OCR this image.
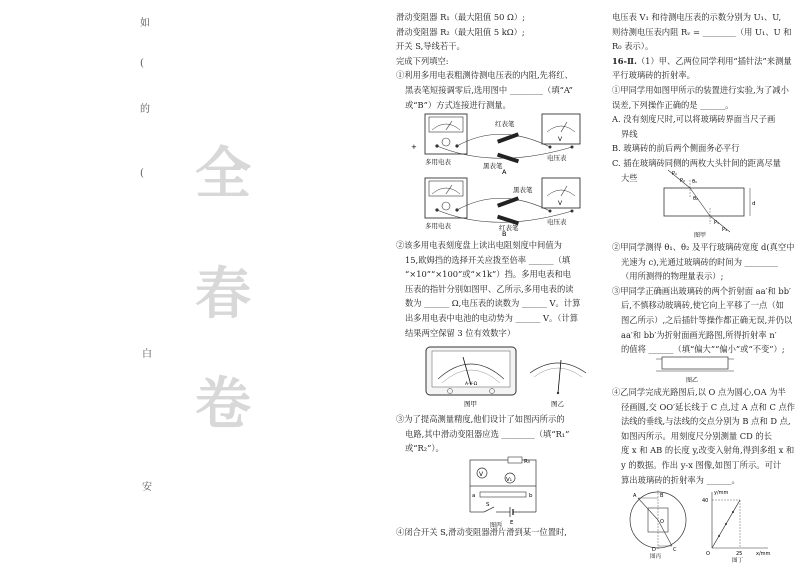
如
(
的
(
白
安
全
春
卷

滑动变阻器 R₁（最大阻值 50 Ω）;

滑动变阻器 R₂（最大阻值 5 kΩ）;

开关 S,导线若干。

完成下列填空:

①利用多用电表粗测待测电压表的内阻,先将红、

黑表笔短接调零后,选用图中 ________（填“A”

或“B”）方式连接进行测量。

+
V
红表笔
黑表笔
多用电表	电压表
A
V
黑表笔
红表笔
多用电表	电压表
B

②该多用电表刻度盘上读出电阻刻度中间值为

15,欧姆挡的选择开关应拨至倍率 ______（填

“×10”“×100”或“×1k”）挡。多用电表和电

压表的指针分别如图甲、乙所示,多用电表的读

数为 ______ Ω,电压表的读数为 ______ V。计算

出多用电表中电池的电动势为 ______ V。（计算

结果两空保留 3 位有效数字）

A-V-Ω
图甲	图乙

③为了提高测量精度,他们设计了如图丙所示的

电路,其中滑动变阻器应选 ________（填“R₁”

或“R₂”）。

V
R₀
V₁
a	b
S
E
图丙

④闭合开关 S,滑动变阻器滑片滑到某一位置时,

电压表 V₁ 和待测电压表的示数分别为 U₁、U,

则待测电压表内阻 Rᵥ = ________（用 U₁、U 和

R₀ 表示）。

16-Ⅱ.（1）甲、乙两位同学利用“插针法”来测量

平行玻璃砖的折射率。

①甲同学用如图甲所示的装置进行实验,为了减小

误差,下列操作正确的是 ______。

A. 没有刻度尺时,可以将玻璃砖界面当尺子画

界线

B. 玻璃砖的前后两个侧面务必平行

C. 插在玻璃砖同侧的两枚大头针间的距离尽量

大些	P₁
P₂ θ₁
θ₂
P₃
P₄
d
图甲

②甲同学测得 θ₁、θ₂ 及平行玻璃砖宽度 d(真空中

光速为 c),光通过玻璃砖的时间为 ________

（用所测得的物理量表示）;

③甲同学正确画出玻璃砖的两个折射面 aa′和 bb′

后,不慎移动玻璃砖,使它向上平移了一点（如

图乙所示）,之后插针等操作都正确无误,并仍以

aa′和 bb′为折射面画光路图,所得折射率 n′

的值将 ______（填“偏大”“偏小”或“不变”）;

图乙

④乙同学完成光路图后,以 O 点为圆心,OA 为半

径画圆,交 OO′延长线于 C 点,过 A 点和 C 点作

法线的垂线,与法线的交点分别为 B 点和 D 点,

如图丙所示。用刻度尺分别测量 CD 的长

度 x 和 AB 的长度 y,改变入射角,得到多组 x 和

y 的数据。作出 y-x 图像,如图丁所示。可计

算出玻璃砖的折射率为 ______。

A	B
O
C
D
图丙
y/mm
40
25	x/mm
O
图丁
